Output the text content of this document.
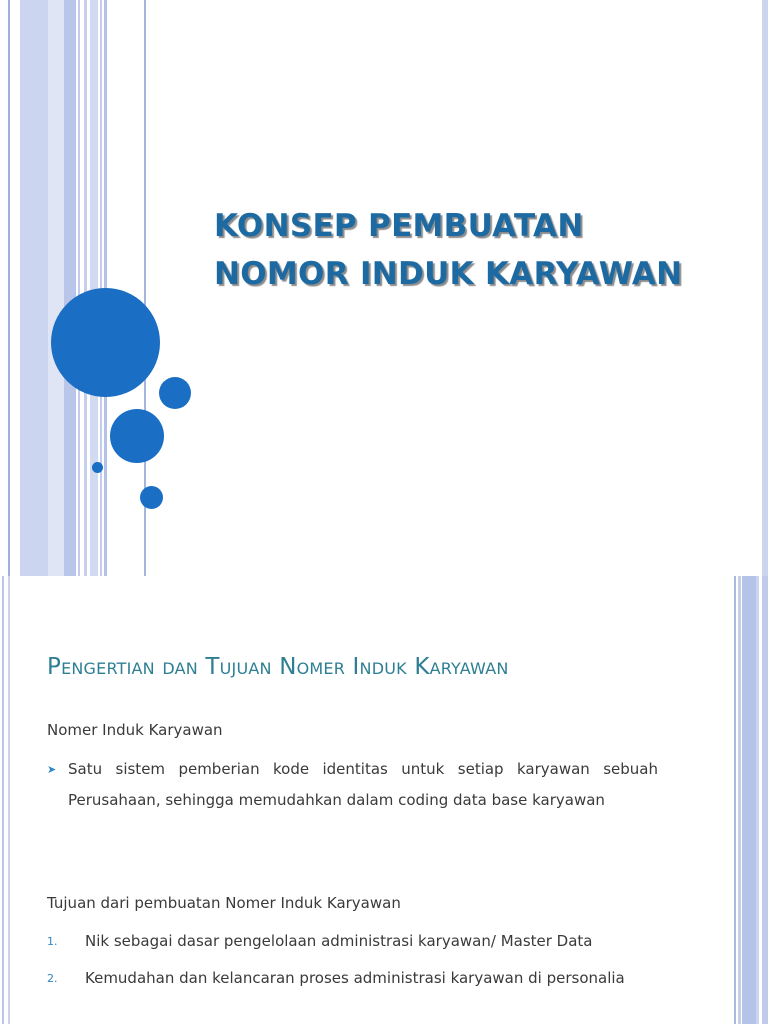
KONSEP PEMBUATAN
NOMOR INDUK KARYAWAN
Pengertian dan Tujuan Nomer Induk Karyawan

Nomer Induk Karyawan

➤ Satu sistem pemberian kode identitas untuk setiap karyawan sebuah Perusahaan, sehingga memudahkan dalam coding data base karyawan

Tujuan dari pembuatan Nomer Induk Karyawan

1. Nik sebagai dasar pengelolaan administrasi karyawan/ Master Data

2. Kemudahan dan kelancaran proses administrasi karyawan di personalia
